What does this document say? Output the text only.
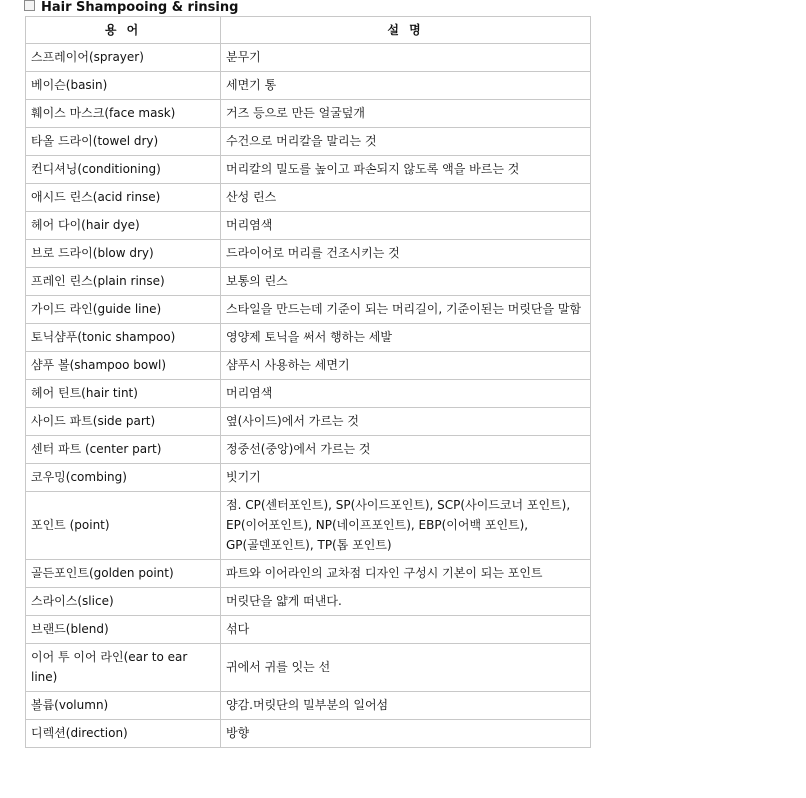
Hair Shampooing & rinsing
용 어	설 명
스프레이어(sprayer)	분무기
베이슨(basin)	세면기 통
훼이스 마스크(face mask)	거즈 등으로 만든 얼굴덮개
타올 드라이(towel dry)	수건으로 머리칼을 말리는 것
컨디셔닝(conditioning)	머리칼의 밀도를 높이고 파손되지 않도록 액을 바르는 것
애시드 린스(acid rinse)	산성 린스
헤어 다이(hair dye)	머리염색
브로 드라이(blow dry)	드라이어로 머리를 건조시키는 것
프레인 린스(plain rinse)	보통의 린스
가이드 라인(guide line)	스타일을 만드는데 기준이 되는 머리길이, 기준이된는 머릿단을 말함
토닉샴푸(tonic shampoo)	영양제 토닉을 써서 행하는 세발
샴푸 볼(shampoo bowl)	샴푸시 사용하는 세면기
헤어 틴트(hair tint)	머리염색
사이드 파트(side part)	옆(사이드)에서 가르는 것
센터 파트 (center part)	정중선(중앙)에서 가르는 것
코우밍(combing)	빗기기
포인트 (point)	점. CP(센터포인트), SP(사이드포인트), SCP(사이드코너 포인트), EP(이어포인트), NP(네이프포인트), EBP(이어백 포인트), GP(골덴포인트), TP(톱 포인트)
골든포인트(golden point)	파트와 이어라인의 교차점 디자인 구성시 기본이 되는 포인트
스라이스(slice)	머릿단을 얇게 떠낸다.
브랜드(blend)	섞다
이어 투 이어 라인(ear to ear line)	귀에서 귀를 잇는 선
볼륨(volumn)	양감.머릿단의 밀부분의 일어섬
디렉션(direction)	방향
